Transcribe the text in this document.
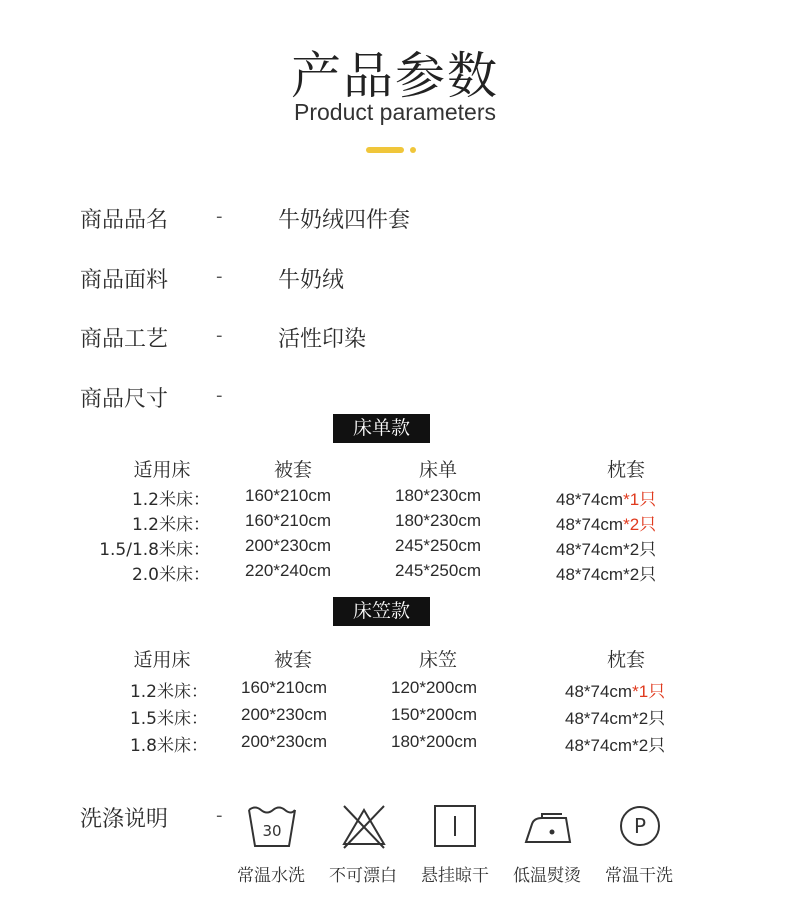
产品参数
Product parameters
商品品名	-	牛奶绒四件套
商品面料	-	牛奶绒
商品工艺	-	活性印染
商品尺寸	-
床单款
适用床	被套	床单	枕套
1.2米床：	160*210cm	180*230cm	48*74cm*1只
1.2米床：	160*210cm	180*230cm	48*74cm*2只
1.5/1.8米床：	200*230cm	245*250cm	48*74cm*2只
2.0米床：	220*240cm	245*250cm	48*74cm*2只
床笠款
适用床	被套	床笠	枕套
1.2米床：	160*210cm	120*200cm	48*74cm*1只
1.5米床：	200*230cm	150*200cm	48*74cm*2只
1.8米床：	200*230cm	180*200cm	48*74cm*2只
洗涤说明	-
30	P
常温水洗	不可漂白	悬挂晾干	低温熨烫	常温干洗
